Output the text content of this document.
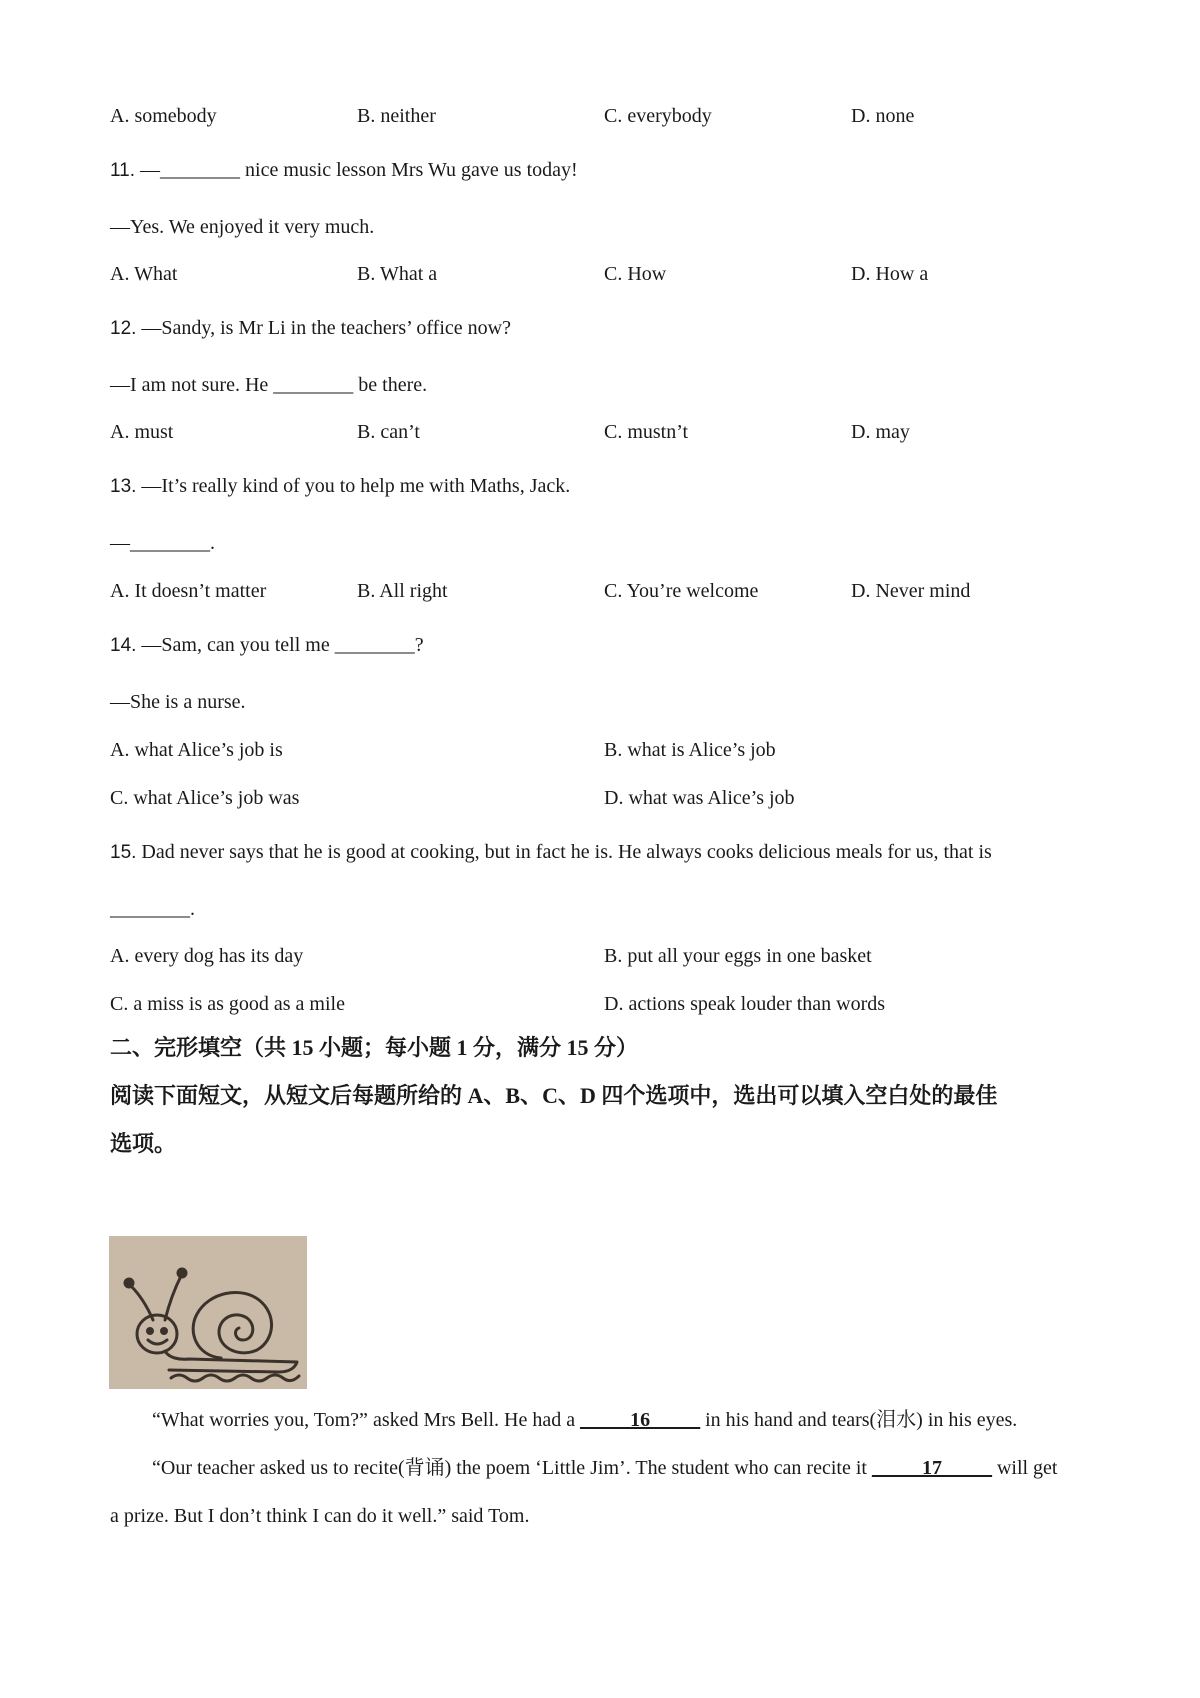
A. somebody	B. neither	C. everybody	D. none
11. —________ nice music lesson Mrs Wu gave us today!
—Yes. We enjoyed it very much.
A. What	B. What a	C. How	D. How a
12. —Sandy, is Mr Li in the teachers’ office now?
—I am not sure. He ________ be there.
A. must	B. can’t	C. mustn’t	D. may
13. —It’s really kind of you to help me with Maths, Jack.
—________.
A. It doesn’t matter	B. All right	C. You’re welcome	D. Never mind
14. —Sam, can you tell me ________?
—She is a nurse.
A. what Alice’s job is	B. what is Alice’s job
C. what Alice’s job was	D. what was Alice’s job
15. Dad never says that he is good at cooking, but in fact he is. He always cooks delicious meals for us, that is
________.
A. every dog has its day	B. put all your eggs in one basket
C. a miss is as good as a mile	D. actions speak louder than words
二、完形填空（共 15 小题；每小题 1 分，满分 15 分）
阅读下面短文，从短文后每题所给的 A、B、C、D 四个选项中，选出可以填入空白处的最佳
选项。
“What worries you, Tom?” asked Mrs Bell. He had a _____16_____ in his hand and tears(泪水) in his eyes.
“Our teacher asked us to recite(背诵) the poem ‘Little Jim’. The student who can recite it _____17_____ will get
a prize. But I don’t think I can do it well.” said Tom.
